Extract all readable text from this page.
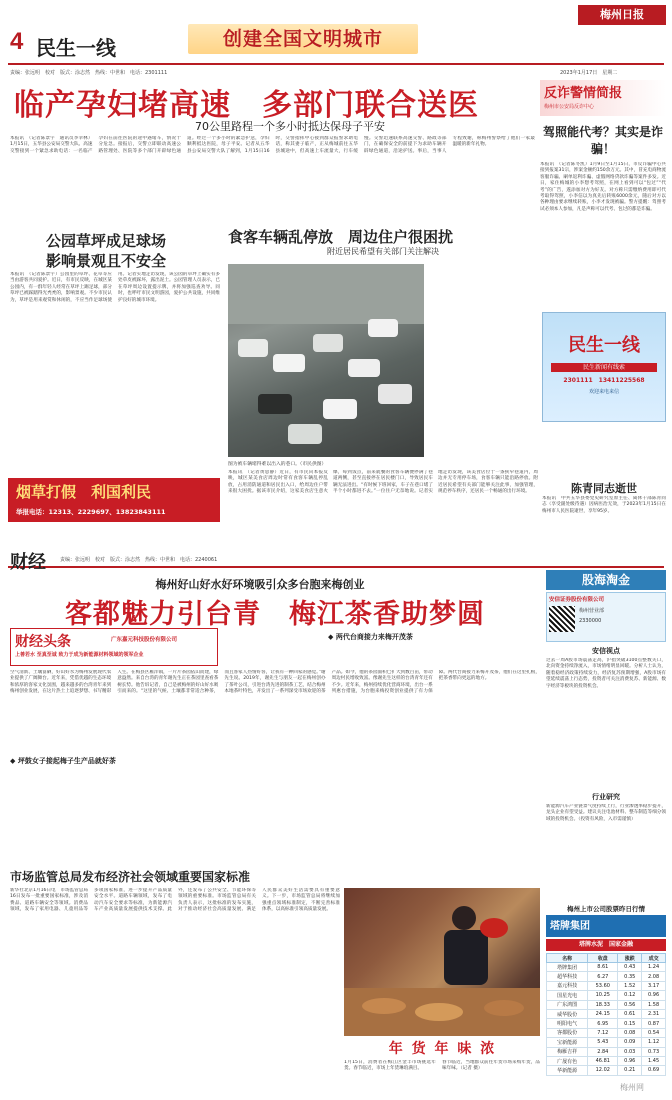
4 民生一线	创建全国文明城市
梅州日报
责编：张远明　校对　版式：涂志然　热线：中世和　电话：2301111	2023年1月17日　星期二
临产孕妇堵高速　多部门联合送医
70公里路程一个多小时抵达保母子平安
本报讯　（记者陈景宇　通讯员李幸林）1月15日，五华县公安局交警大队、高速交警接到一个紧急求助电话：一名临产孕妇在前往医院的途中遇堵车，情况十分危急。接报后，交警立即联动高速公路管理处、医院等多个部门开辟绿色通道。经过一个多小时的紧急护送，孕妇顺利抵达医院，母子平安。记者从五华县公安局交警大队了解到，1月15日16时，交警指挥中心接到群众报警求助电话，称其妻子临产，正从梅城前往五华县城途中，但高速上车流量大，行车缓慢。交警迅速联系高速交警、路政等部门，在确保安全的前提下为求助车辆开辟绿色通道，沿途护送。事后，当事人专程致谢，称梅州警察给了他们一家最温暖的新年礼物。
反诈警情简报
梅州市公安局反诈中心
驾照能代考？其实是诈骗！
本报讯　（记者陈冬凯）1月9日至1月15日，市反诈骗中心共接到报案31宗，涉案金额约150余万元。其中，冒充电商物流客服诈骗、刷单返利诈骗、虚假网络贷款诈骗等案件多发。近日，家住梅城的小李想考驾照，在网上看到可以“包过”“代考”的广告，遂添加对方为好友。对方称只需缴纳费用即可代考取得驾照，小李信以为真先后转账6000余元，随后对方以各种理由要求继续转账，小李才发现被骗。警方提醒：驾照考试必须本人参加，凡是声称可以代考、包过的都是诈骗。
公园草坪成足球场
影响景观且不安全
本报讯　（记者陈景宇）公园里的草坪、花草等应当由游客共同爱护。近日，有市民反映，在城区某公园内，有一群年轻人经常在草坪上踢足球，部分草坪已被踩踏得光秃秃的，影响景观。不少市民认为，草坪是用来观赏和休闲的，不应当作足球场使用。记者实地走访发现，该公园的草坪上确实有多处草皮被踩坏，露出泥土。公园管理人员表示，已在草坪周边设置提示牌，并将加强巡查劝导。同时，也呼吁市民文明游园，爱护公共设施，共同维护良好的城市环境。
烟草打假　利国利民
举报电话：12313、2229697、13823843111
食客车辆乱停放　周边住户很困扰
附近居民希望有关部门关注解决
图为被车辆堵得难以出入的巷口。（市民供图）
本报讯　（记者黄思静）近日，有市民向本报反映，城区某美食店周边时常有食客车辆乱停乱放，占用消防通道和居民出入口，给周边住户带来很大困扰。据该市民介绍，这家美食店生意火爆，每到饭点，前来就餐的食客车辆便停满了巷道两侧，甚至直接停在居民楼门口，导致居民车辆无法进出。“有时候下班回家，车子在巷口堵了半个小时都进不去。”一位住户无奈地说。记者实地走访发现，该美食店位于一条狭窄巷道内，周边并无专用停车场，食客车辆只能沿路停放。附近居民希望有关部门能够关注此事，加强管理，规范停车秩序，还居民一个畅通的出行环境。
民生一线
民生新闻有线索
2301111　13411225568
欢迎来电来信
陈青同志逝世
本报讯　中共五华县委党史研究室原主任、离休干部陈青同志（享受副处级待遇）因病医治无效，于2023年1月15日在梅州市人民医院逝世，享年95岁。
财经	责编：张远明　校对　版式：涂志然　热线：中世和　电话：2240061
梅州好山好水好环境吸引众多台胞来梅创业
客都魅力引台青　梅江茶香助梦圆
财经头条	广东嘉元科技股份有限公司
上善若水 至真至诚 致力于成为新能源材料领域的领军企业
◆ 坪鼓女子接起梅子生产品就好茶
◆ 两代台商接力来梅开茂茶
空气清新、土壤富硒，好山好水为梅州发展现代农业提供了广阔舞台。近年来，凭借优越的生态环境和浓厚的客家文化氛围，越来越多的台湾青年来到梅州创业发展，在这片热土上追逐梦想、书写精彩人生。在梅县区雁洋镇，一片片茶园依山而建，绿意盎然。来自台湾的青年谢先生正在茶园里查看茶树长势。他告诉记者，自己是被梅州的好山好水吸引而来的。“这里的气候、土壤都非常适合种茶，而且客家人热情好客，让我有一种回家的感觉。”谢先生说。2019年，谢先生与朋友一起在梅州创办了茶叶公司，引进台湾先进的制茶工艺，结合梅州本地茶叶特色，开发出了一系列深受市场欢迎的茶产品。如今，他的茶园面积已扩大到数百亩，带动周边村民增收致富。像谢先生这样的台湾青年还有不少。近年来，梅州持续优化营商环境，出台一系列惠台措施，为台胞来梅投资创业提供了有力保障。两代台商接力来梅开茂茶，他们在这里扎根，把茶香带向更远的地方。
市场监管总局发布经济社会领域重要国家标准
新华社北京1月16日电　市场监管总局16日发布一批重要国家标准，涉及消费品、道路车辆安全等领域。消费品领域，发布了家用电器、儿童用品等多项国家标准，进一步提升产品质量安全水平。道路车辆领域，发布了电动汽车安全要求等标准，为新能源汽车产业高质量发展提供技术支撑。此外，还发布了公共安全、节能环保等领域的重要标准。市场监管总局有关负责人表示，这批标准的发布实施，对于推动经济社会高质量发展、满足人民群众美好生活需要具有重要意义。下一步，市场监管总局将继续加强重点领域标准制定，不断完善标准体系，以高标准引领高质量发展。
年 货 年 味 浓
1月15日，消费者在梅江区金丰市场挑选年货。春节临近，市场上年货琳琅满目。
春节临近，当地群众前往年货市场采购年货，品味年味。（记者 摄）
股海淘金
安信证券股份有限公司
梅州营业部
2330000
安信视点
过去一周A股市场震荡走高，沪指突破3100点整数关口，北向资金持续净流入，市场情绪明显回暖。分析人士认为，随着稳经济政策持续发力，经济复苏预期增强，A股市场有望延续震荡上行态势，投资者可关注消费复苏、新能源、数字经济等板块的投资机会。
行业研究
新能源汽车产业链景气度持续上行，行业渗透率稳步提升，龙头企业有望受益。建议关注电池材料、整车制造等细分领域的投资机会。（投资有风险，入市需谨慎）
梅州上市公司股票昨日行情
塔牌集团
塔牌水泥　国家金融
名称	收盘	涨跌	成交
塔牌集团	8.61	0.43	1.24
超华科技	6.27	0.35	2.08
嘉元科技	53.60	1.52	3.17
国星光电	10.25	0.12	0.96
广东鸿图	18.33	0.56	1.58
威华股份	24.15	0.61	2.31
明阳电气	6.95	0.15	0.87
客都股份	7.12	0.08	0.54
宝新能源	5.43	0.09	1.12
梅雁吉祥	2.84	0.03	0.73
广晟有色	46.81	0.96	1.45
华新能源	12.02	0.21	0.69
梅州网
